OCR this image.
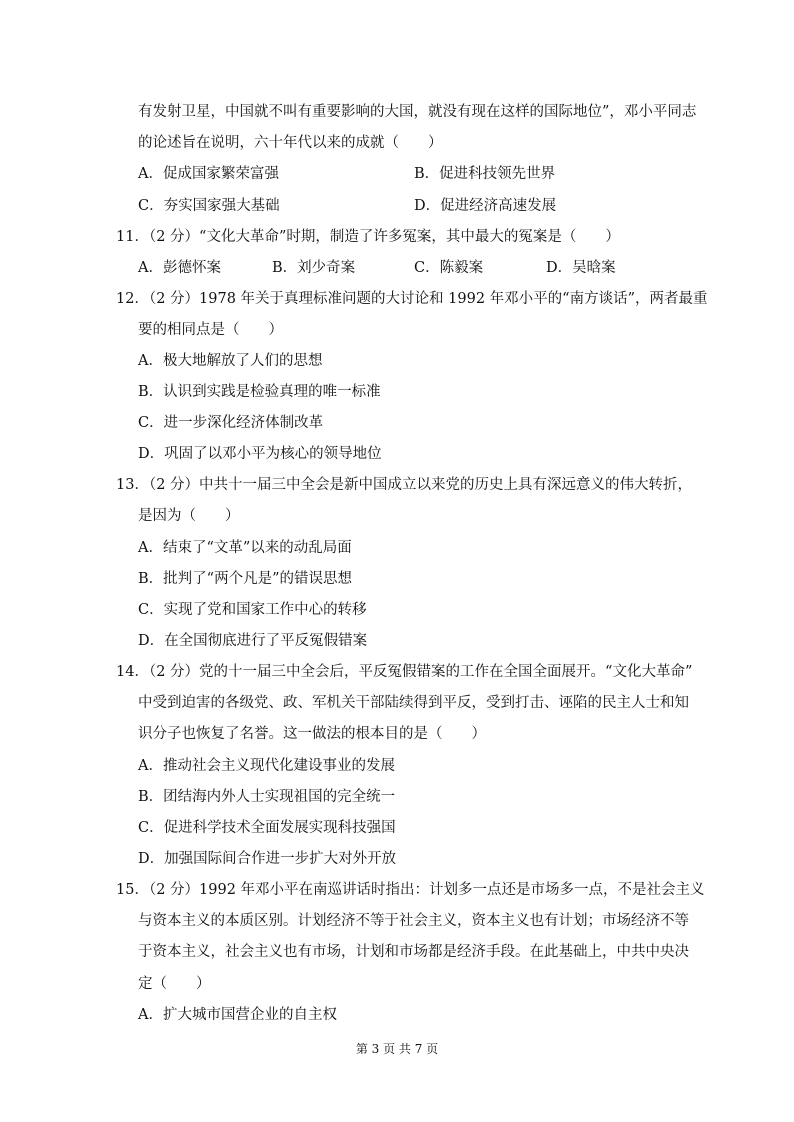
有发射卫星，中国就不叫有重要影响的大国，就没有现在这样的国际地位”，邓小平同志
的论述旨在说明，六十年代以来的成就（　　）
A．促成国家繁荣富强	B．促进科技领先世界
C．夯实国家强大基础	D．促进经济高速发展
11．（2 分）“文化大革命”时期，制造了许多冤案，其中最大的冤案是（　　）
A．彭德怀案	B．刘少奇案	C．陈毅案	D．吴晗案
12．（2 分）1978 年关于真理标准问题的大讨论和 1992 年邓小平的“南方谈话”，两者最重
要的相同点是（　　）
A．极大地解放了人们的思想
B．认识到实践是检验真理的唯一标准
C．进一步深化经济体制改革
D．巩固了以邓小平为核心的领导地位
13．（2 分）中共十一届三中全会是新中国成立以来党的历史上具有深远意义的伟大转折，
是因为（　　）
A．结束了“文革”以来的动乱局面
B．批判了“两个凡是”的错误思想
C．实现了党和国家工作中心的转移
D．在全国彻底进行了平反冤假错案
14．（2 分）党的十一届三中全会后，平反冤假错案的工作在全国全面展开。“文化大革命”
中受到迫害的各级党、政、军机关干部陆续得到平反，受到打击、诬陷的民主人士和知
识分子也恢复了名誉。这一做法的根本目的是（　　）
A．推动社会主义现代化建设事业的发展
B．团结海内外人士实现祖国的完全统一
C．促进科学技术全面发展实现科技强国
D．加强国际间合作进一步扩大对外开放
15．（2 分）1992 年邓小平在南巡讲话时指出：计划多一点还是市场多一点，不是社会主义
与资本主义的本质区别。计划经济不等于社会主义，资本主义也有计划；市场经济不等
于资本主义，社会主义也有市场，计划和市场都是经济手段。在此基础上，中共中央决
定（　　）
A．扩大城市国营企业的自主权
第 3 页 共 7 页
